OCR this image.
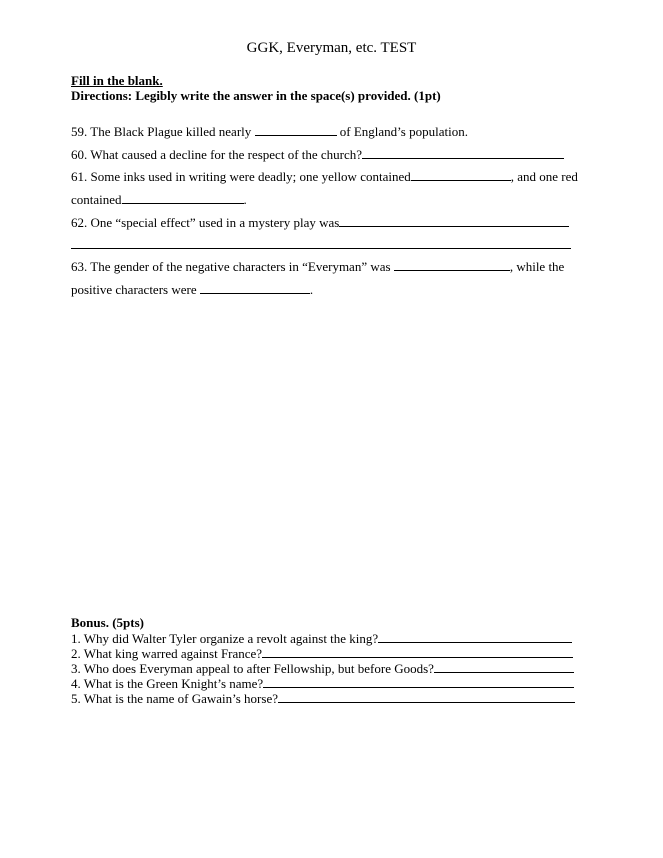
GGK, Everyman, etc. TEST
Fill in the blank.
Directions: Legibly write the answer in the space(s) provided. (1pt)
59. The Black Plague killed nearly	of England’s population.
60. What caused a decline for the respect of the church?
61. Some inks used in writing were deadly; one yellow contained	, and one red
contained	.
62. One “special effect” used in a mystery play was
63. The gender of the negative characters in “Everyman” was	, while the
positive characters were	.
Bonus. (5pts)
1. Why did Walter Tyler organize a revolt against the king?
2. What king warred against France?
3. Who does Everyman appeal to after Fellowship, but before Goods?
4. What is the Green Knight’s name?
5. What is the name of Gawain’s horse?
